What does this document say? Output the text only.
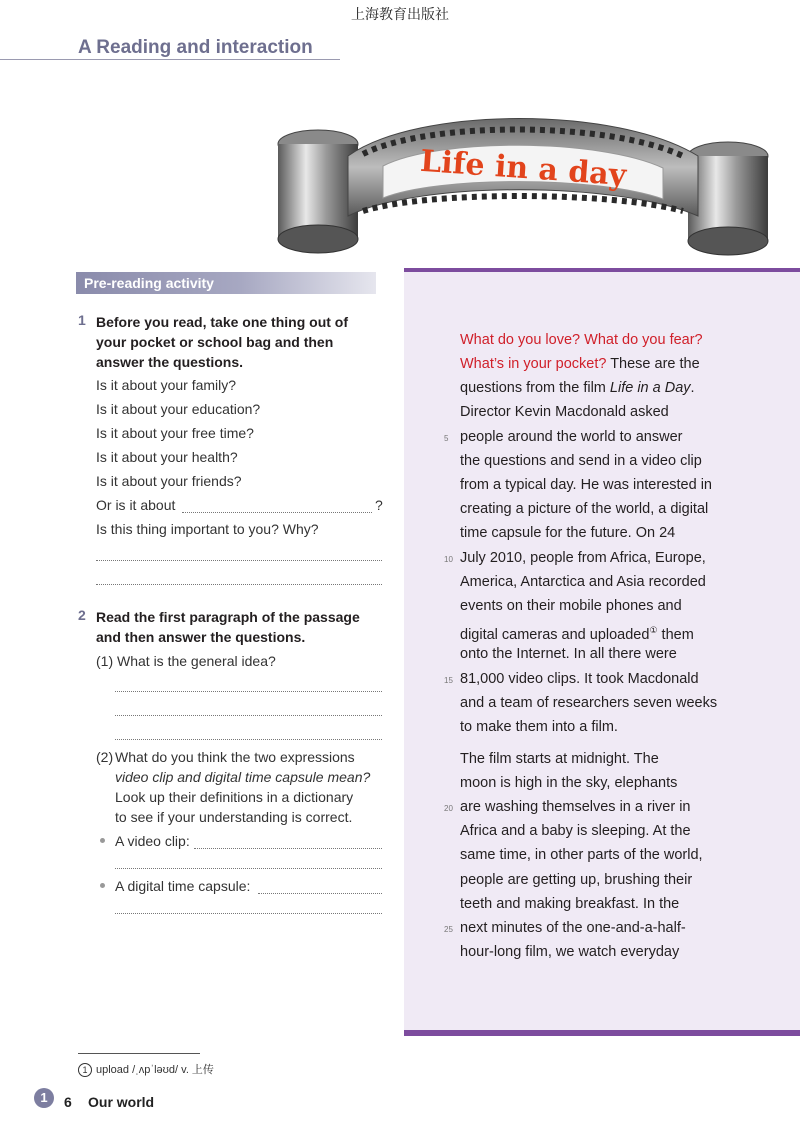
上海教育出版社
A Reading and interaction
Life in a day
Pre-reading activity
1 Before you read, take one thing out of your pocket or school bag and then answer the questions.
Is it about your family?
Is it about your education?
Is it about your free time?
Is it about your health?
Is it about your friends?
Or is it about	?
Is this thing important to you? Why?
2 Read the first paragraph of the passage and then answer the questions.
(1) What is the general idea?
(2) What do you think the two expressions
video clip and digital time capsule mean?
Look up their definitions in a dictionary
to see if your understanding is correct.
A video clip:
A digital time capsule:
What do you love? What do you fear?
What’s in your pocket? These are the
questions from the film Life in a Day.
Director Kevin Macdonald asked
people around the world to answer
the questions and send in a video clip
from a typical day. He was interested in
creating a picture of the world, a digital
time capsule for the future. On 24
July 2010, people from Africa, Europe,
America, Antarctica and Asia recorded
events on their mobile phones and
digital cameras and uploaded① them
onto the Internet. In all there were
81,000 video clips. It took Macdonald
and a team of researchers seven weeks
to make them into a film.
The film starts at midnight. The
moon is high in the sky, elephants
are washing themselves in a river in
Africa and a baby is sleeping. At the
same time, in other parts of the world,
people are getting up, brushing their
teeth and making breakfast. In the
next minutes of the one-and-a-half-
hour-long film, we watch everyday
5
10
15
20
25
1 upload /ˌʌpˈləʊd/ v. 上传
1	6 Our world
